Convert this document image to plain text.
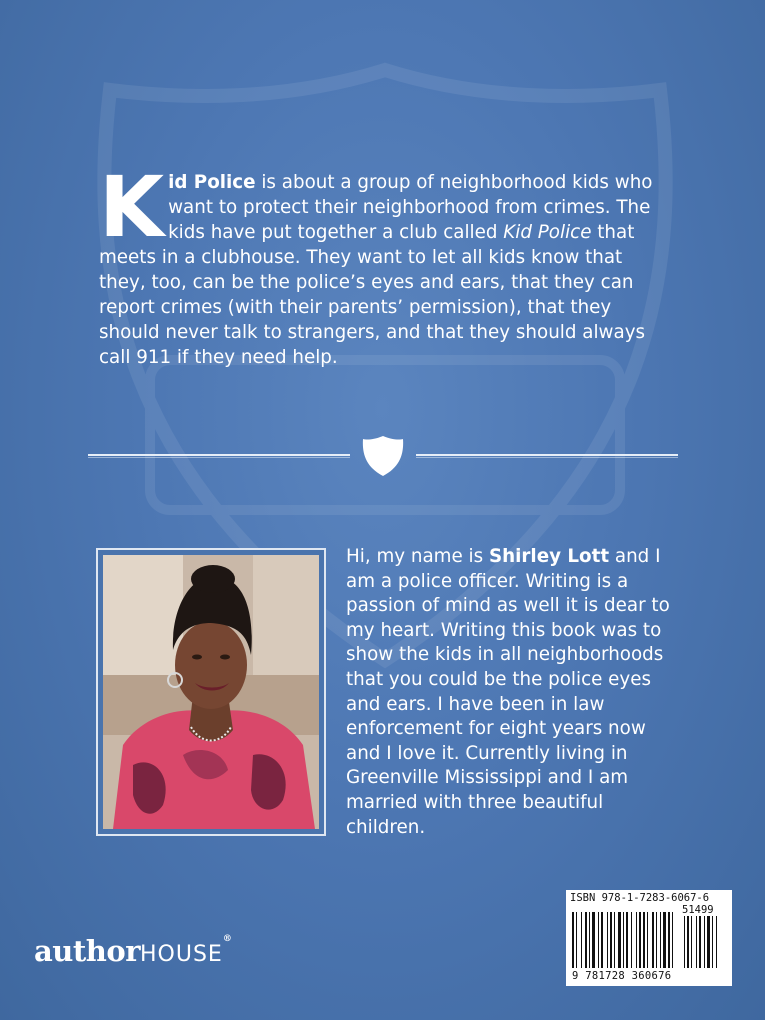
Kid Police is about a group of neighborhood kids who want to protect their neighborhood from crimes. The kids have put together a club called Kid Police that meets in a clubhouse. They want to let all kids know that they, too, can be the police’s eyes and ears, that they can report crimes (with their parents’ permission), that they should never talk to strangers, and that they should always call 911 if they need help.
Hi, my name is Shirley Lott and I am a police officer. Writing is a passion of mind as well it is dear to my heart. Writing this book was to show the kids in all neighborhoods that you could be the police eyes and ears. I have been in law enforcement for eight years now and I love it. Currently living in Greenville Mississippi and I am married with three beautiful children.
authorHOUSE®
ISBN 978-1-7283-6067-6
51499
9 781728 360676
